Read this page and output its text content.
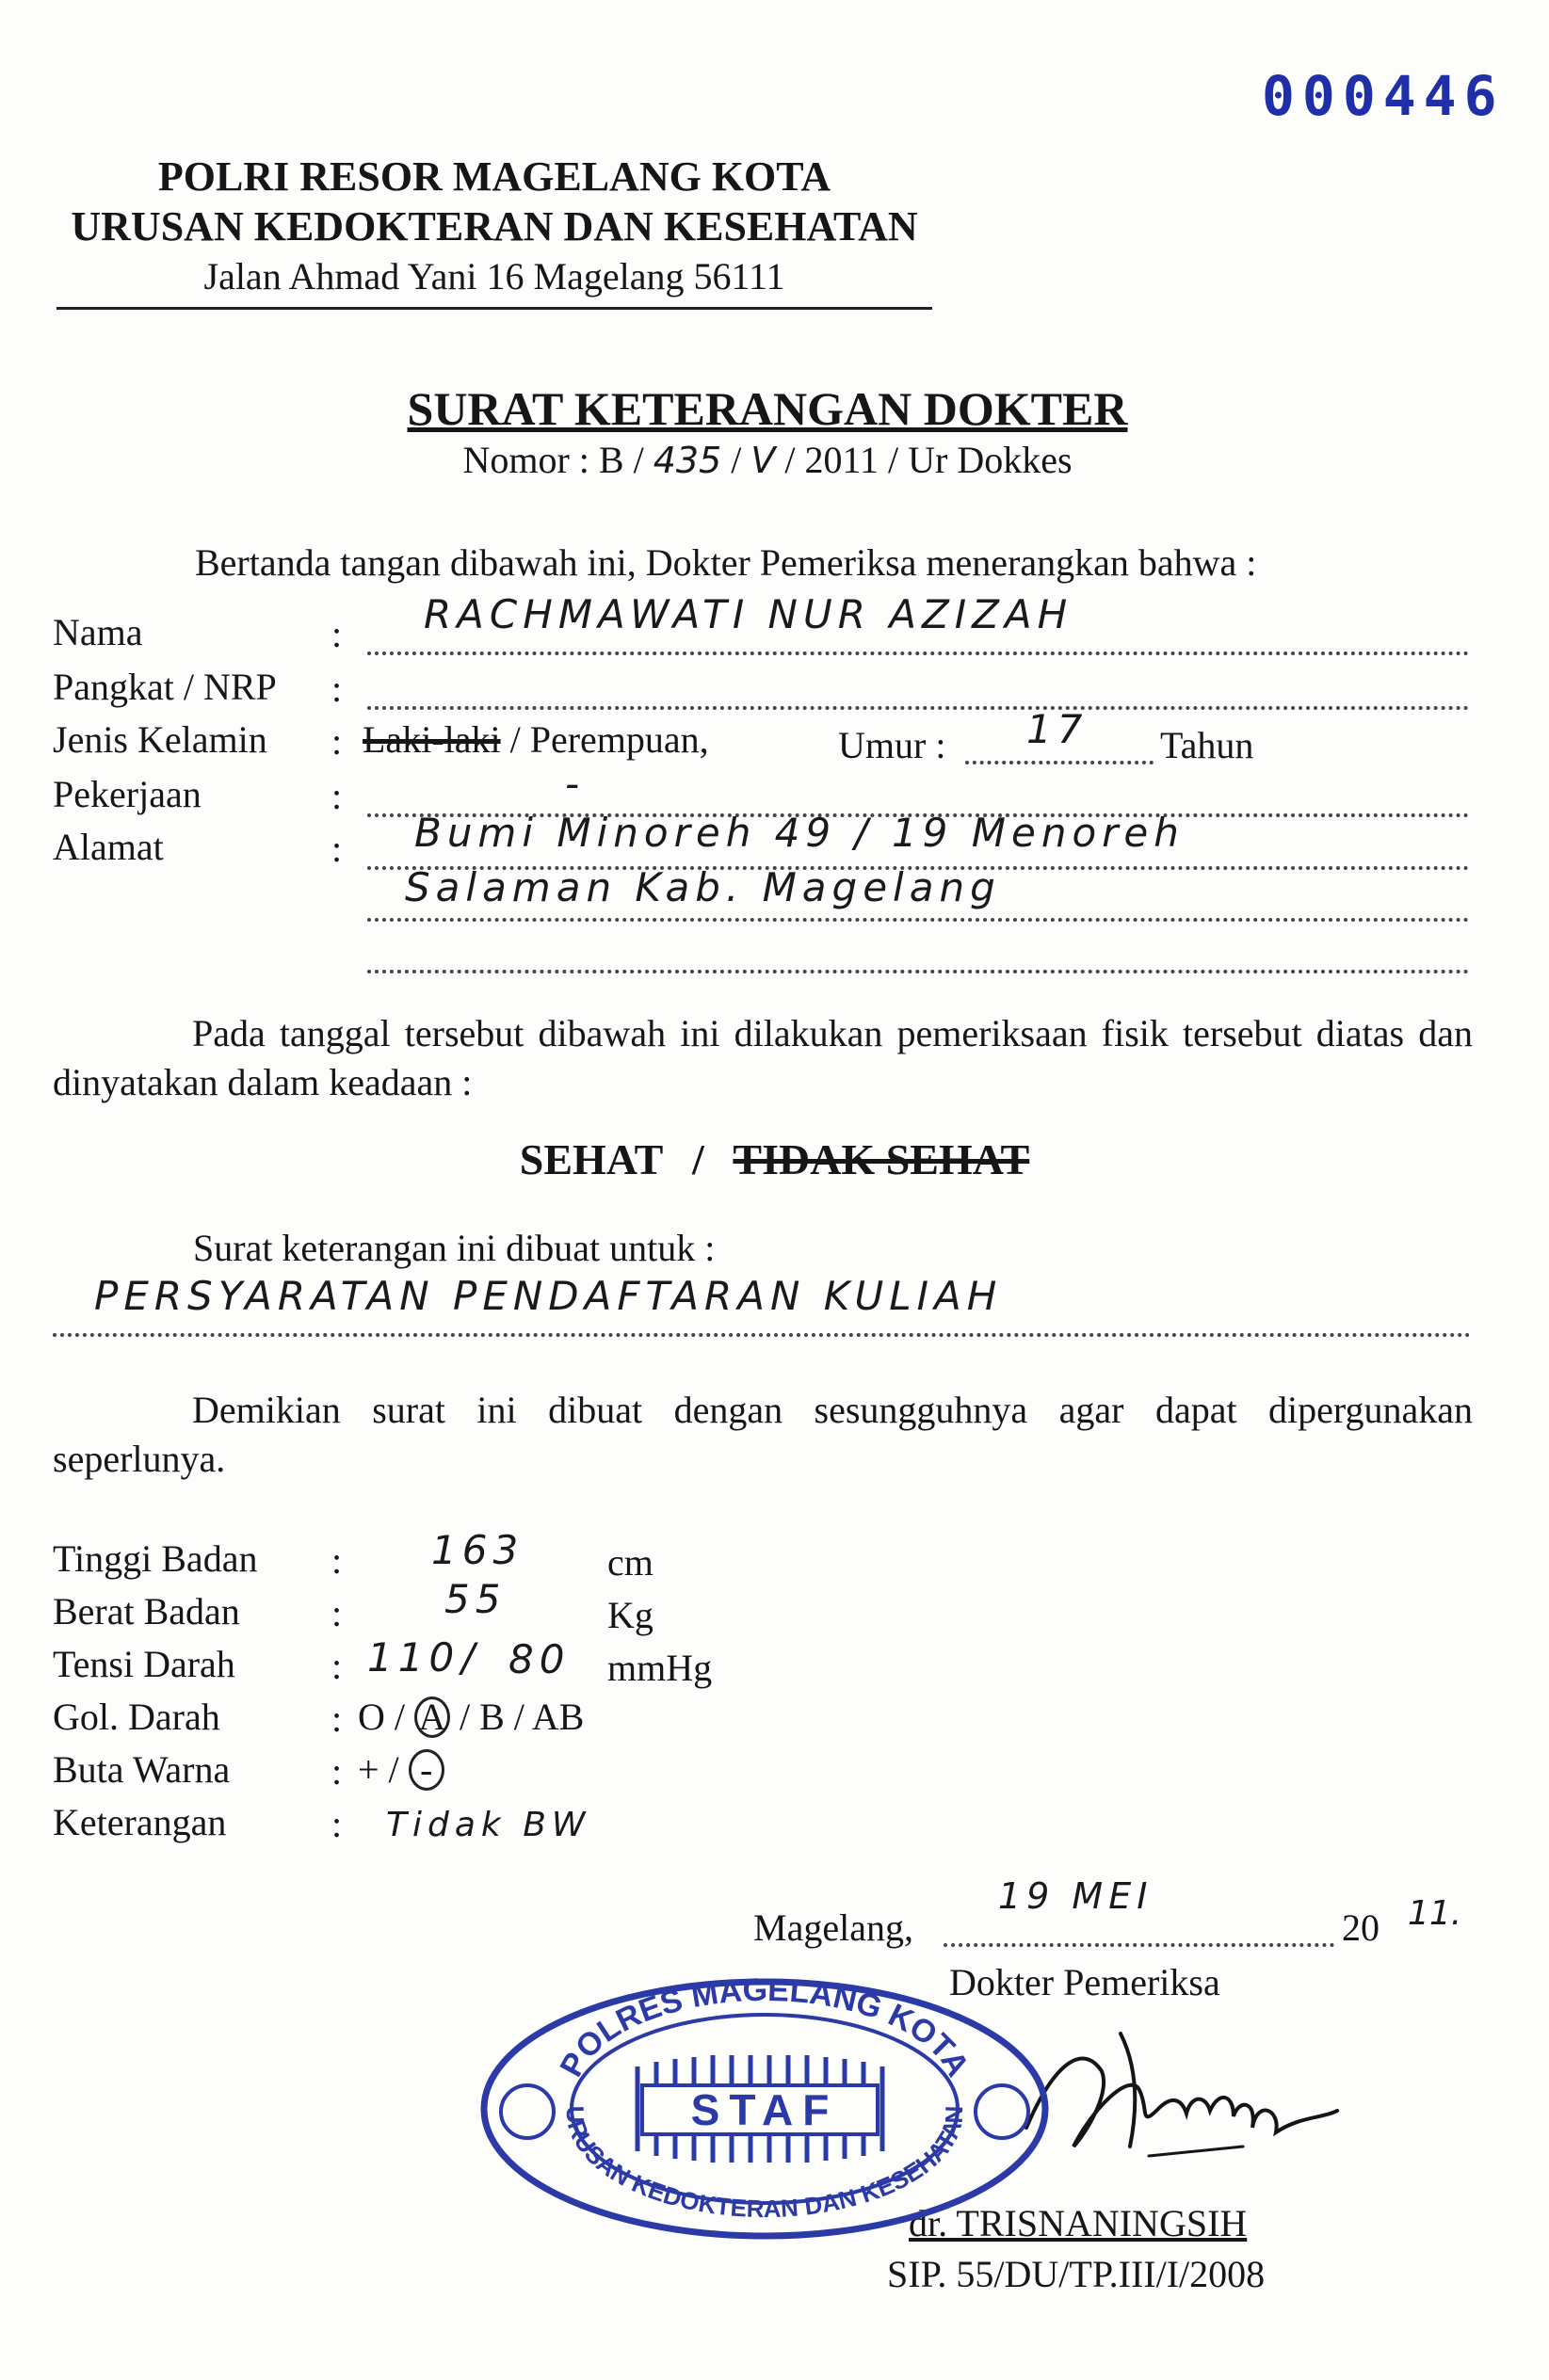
000446
POLRI RESOR MAGELANG KOTA
URUSAN KEDOKTERAN DAN KESEHATAN
Jalan Ahmad Yani 16 Magelang 56111
SURAT KETERANGAN DOKTER
Nomor : B / 435 / V / 2011 / Ur Dokkes
Bertanda tangan dibawah ini, Dokter Pemeriksa menerangkan bahwa :
Nama	: RACHMAWATI NUR AZIZAH
Pangkat / NRP :
Jenis Kelamin : Laki-laki / Perempuan,	Umur : 17 Tahun
Pekerjaan	:	-
Alamat	: Bumi Minoreh 49 / 19 Menoreh
Salaman Kab. Magelang
Pada tanggal tersebut dibawah ini dilakukan pemeriksaan fisik tersebut diatas dan dinyatakan dalam keadaan :
SEHAT / TIDAK SEHAT
Surat keterangan ini dibuat untuk :
PERSYARATAN PENDAFTARAN KULIAH
Demikian surat ini dibuat dengan sesungguhnya agar dapat dipergunakan seperlunya.
Tinggi Badan : 163 cm
Berat Badan :	55	Kg
Tensi Darah	: 110 / 80 mmHg
Gol. Darah	: O / A / B / AB
Buta Warna	: + / -
Keterangan	: Tidak BW
Magelang,
19 MEI
20 11.
Dokter Pemeriksa
dr. TRISNANINGSIH
SIP. 55/DU/TP.III/I/2008
STAF
POLRES MAGELANG KOTA
URUSAN KEDOKTERAN DAN KESEHATAN
